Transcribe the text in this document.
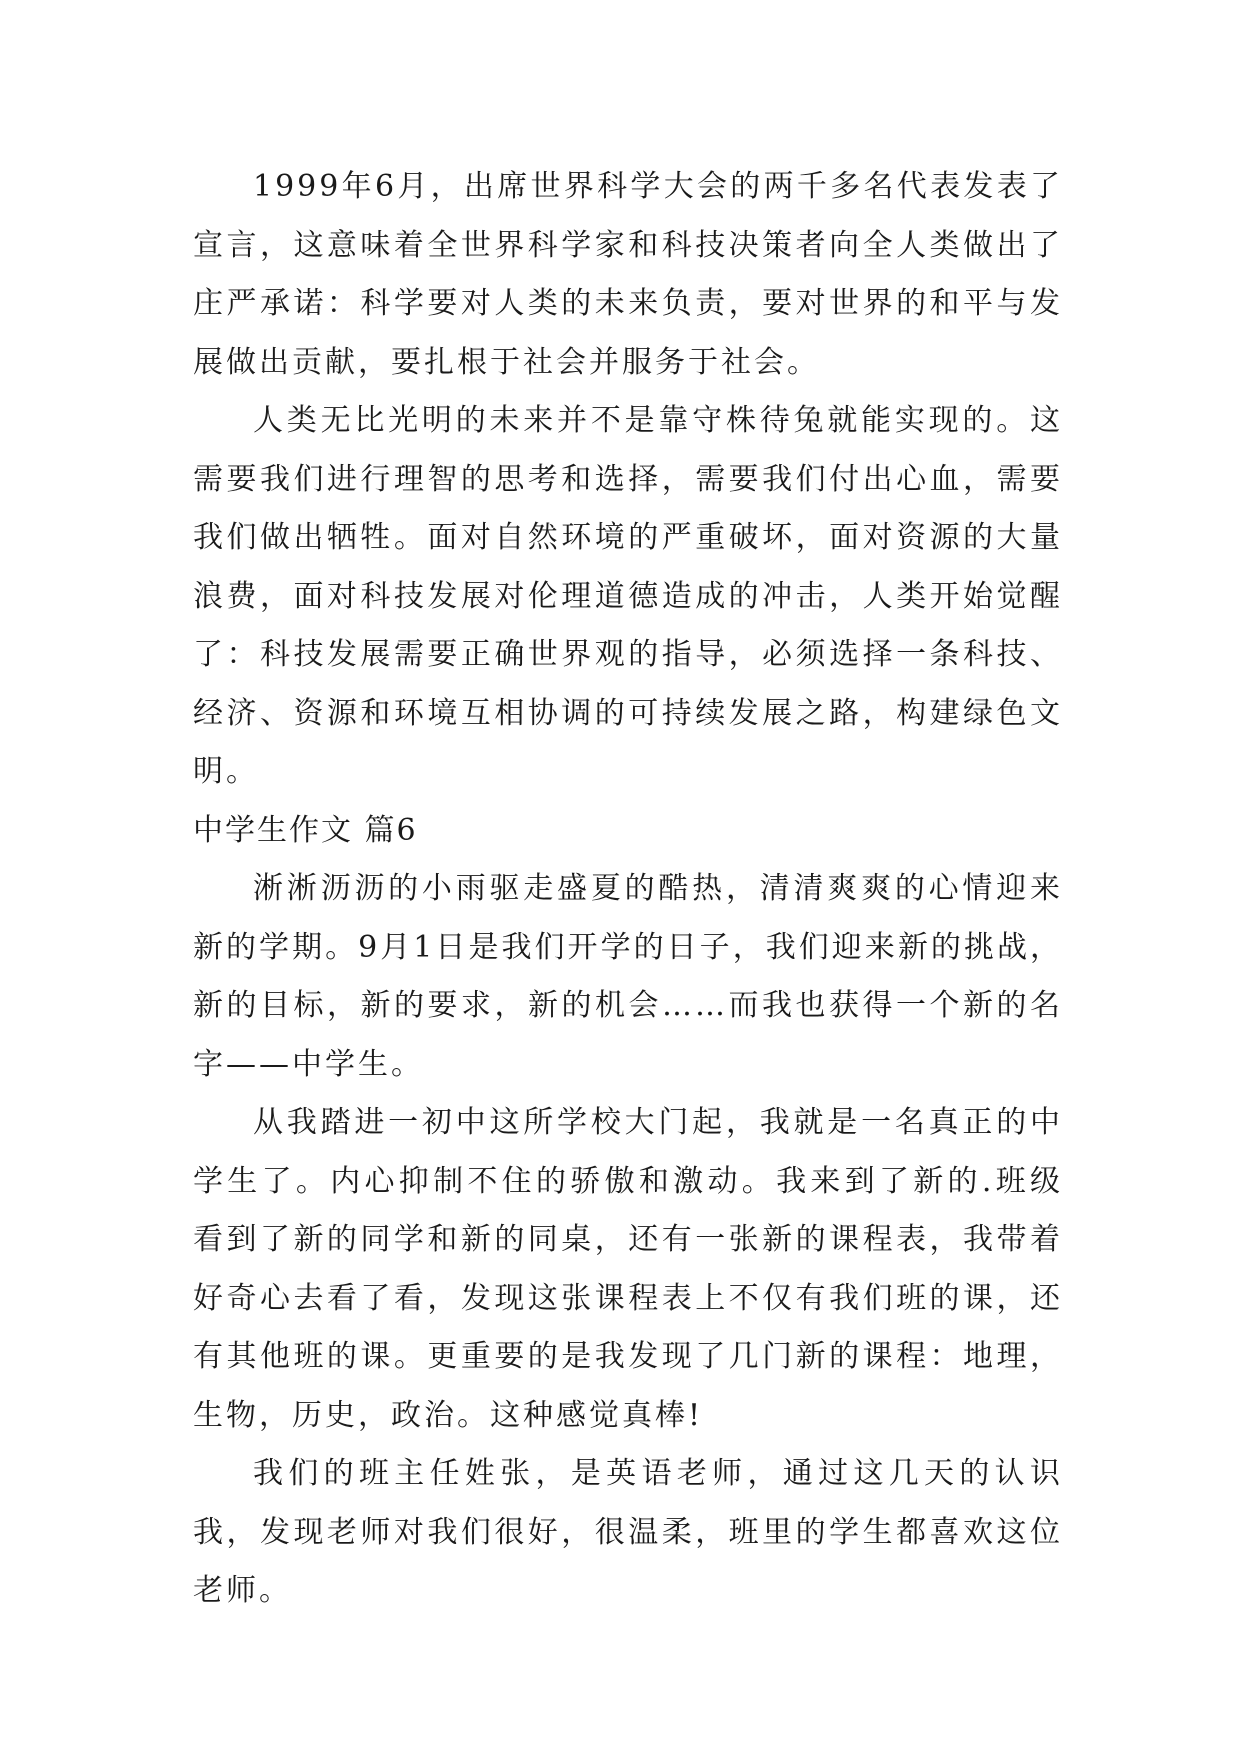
1999年6月，出席世界科学大会的两千多名代表发表了宣言，这意味着全世界科学家和科技决策者向全人类做出了庄严承诺：科学要对人类的未来负责，要对世界的和平与发展做出贡献，要扎根于社会并服务于社会。

人类无比光明的未来并不是靠守株待兔就能实现的。这需要我们进行理智的思考和选择，需要我们付出心血，需要我们做出牺牲。面对自然环境的严重破坏，面对资源的大量浪费，面对科技发展对伦理道德造成的冲击，人类开始觉醒了：科技发展需要正确世界观的指导，必须选择一条科技、经济、资源和环境互相协调的可持续发展之路，构建绿色文明。

中学生作文 篇6

淅淅沥沥的小雨驱走盛夏的酷热，清清爽爽的心情迎来新的学期。9月1日是我们开学的日子，我们迎来新的挑战，新的目标，新的要求，新的机会……而我也获得一个新的名字——中学生。

从我踏进一初中这所学校大门起，我就是一名真正的中学生了。内心抑制不住的骄傲和激动。我来到了新的.班级看到了新的同学和新的同桌，还有一张新的课程表，我带着好奇心去看了看，发现这张课程表上不仅有我们班的课，还有其他班的课。更重要的是我发现了几门新的课程：地理，生物，历史，政治。这种感觉真棒!

我们的班主任姓张，是英语老师，通过这几天的认识我，发现老师对我们很好，很温柔，班里的学生都喜欢这位老师。
